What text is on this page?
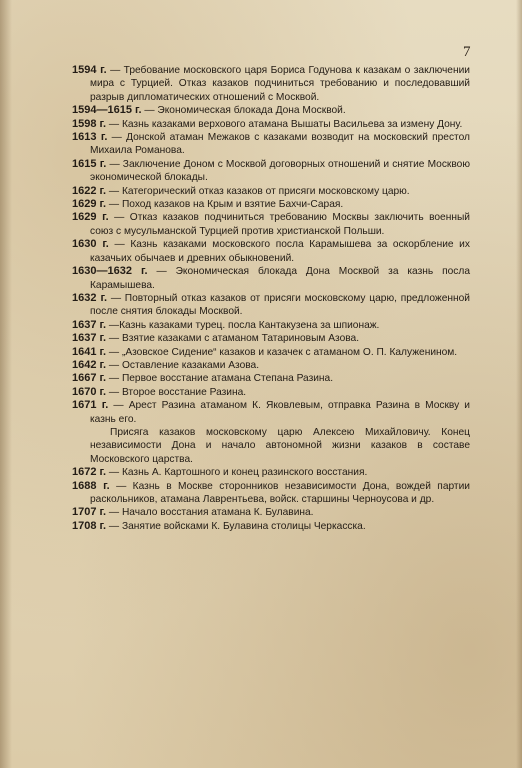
7

1594 г. — Требование московского царя Бориса Годунова к казакам о заключении мира с Турцией. Отказ казаков подчиниться требованию и последовавший разрыв дипломатических отношений с Москвой.

1594—1615 г. — Экономическая блокада Дона Москвой.

1598 г. — Казнь казаками верхового атамана Вышаты Васильева за измену Дону.

1613 г. — Донской атаман Межаков с казаками возводит на московский престол Михаила Романова.

1615 г. — Заключение Доном с Москвой договорных отношений и снятие Москвою экономической блокады.

1622 г. — Категорический отказ казаков от присяги московскому царю.

1629 г. — Поход казаков на Крым и взятие Бахчи-Сарая.

1629 г. — Отказ казаков подчиниться требованию Москвы заключить военный союз с мусульманской Турцией против христианской Польши.

1630 г. — Казнь казаками московского посла Карамышева за оскорбление их казачьих обычаев и древних обыкновений.

1630—1632 г. — Экономическая блокада Дона Москвой за казнь посла Карамышева.

1632 г. — Повторный отказ казаков от присяги московскому царю, предложенной после снятия блокады Москвой.

1637 г. —Казнь казаками турец. посла Кантакузена за шпионаж.

1637 г. — Взятие казаками с атаманом Татариновым Азова.

1641 г. — „Азовское Сидение“ казаков и казачек с атаманом О. П. Калуженином.

1642 г. — Оставление казаками Азова.

1667 г. — Первое восстание атамана Степана Разина.

1670 г. — Второе восстание Разина.

1671 г. — Арест Разина атаманом К. Яковлевым, отправка Разина в Москву и казнь его.

Присяга казаков московскому царю Алексею Михайловичу. Конец независимости Дона и начало автономной жизни казаков в составе Московского царства.

1672 г. — Казнь А. Картошного и конец разинского восстания.

1688 г. — Казнь в Москве сторонников независимости Дона, вождей партии раскольников, атамана Лаврентьева, войск. старшины Черноусова и др.

1707 г. — Начало восстания атамана К. Булавина.

1708 г. — Занятие войсками К. Булавина столицы Черкасска.
